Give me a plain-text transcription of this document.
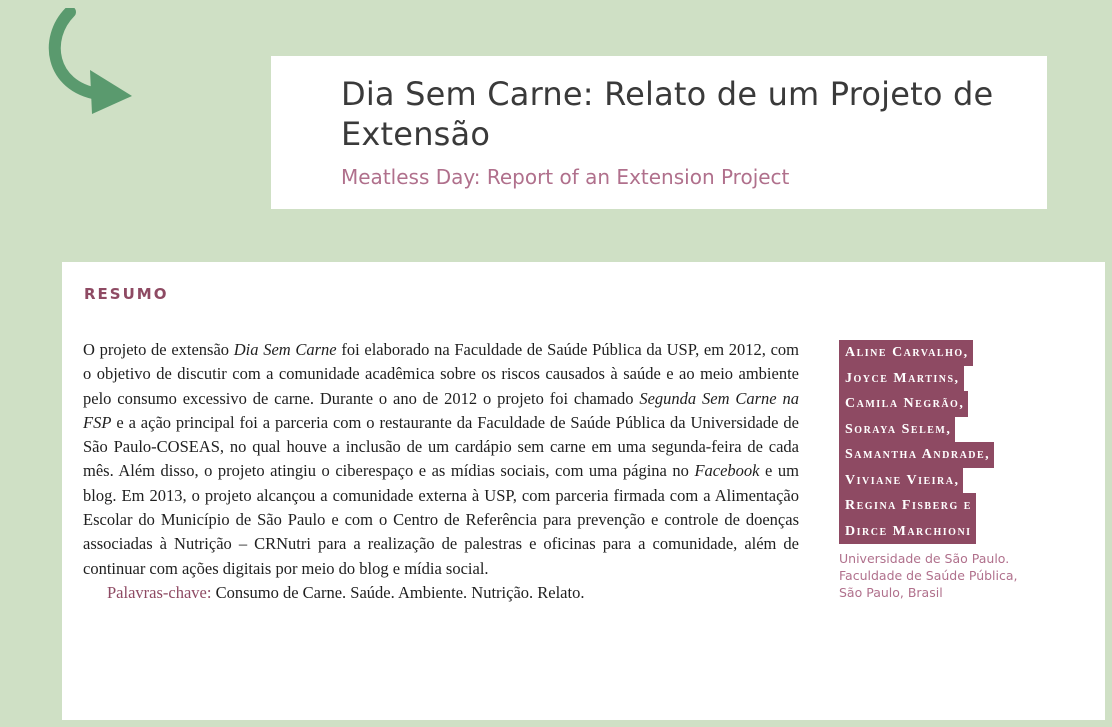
Dia Sem Carne: Relato de um Projeto de Extensão
Meatless Day: Report of an Extension Project
RESUMO

O projeto de extensão Dia Sem Carne foi elaborado na Faculdade de Saúde Pública da USP, em 2012, com o objetivo de discutir com a comunidade acadêmica sobre os riscos causados à saúde e ao meio ambiente pelo consumo excessivo de carne. Durante o ano de 2012 o projeto foi chamado Segunda Sem Carne na FSP e a ação principal foi a parceria com o restaurante da Faculdade de Saúde Pública da Universidade de São Paulo-COSEAS, no qual houve a inclusão de um cardápio sem carne em uma segunda-feira de cada mês. Além disso, o projeto atingiu o ciberespaço e as mídias sociais, com uma página no Facebook e um blog. Em 2013, o projeto alcançou a comunidade externa à USP, com parceria firmada com a Alimentação Escolar do Município de São Paulo e com o Centro de Referência para prevenção e controle de doenças associadas à Nutrição – CRNutri para a realização de palestras e oficinas para a comunidade, além de continuar com ações digitais por meio do blog e mídia social.

Palavras-chave: Consumo de Carne. Saúde. Ambiente. Nutrição. Relato.

Aline Carvalho,
Joyce Martins,
Camila Negrão,
Soraya Selem,
Samantha Andrade,
Viviane Vieira,
Regina Fisberg e
Dirce Marchioni
Universidade de São Paulo.
Faculdade de Saúde Pública,
São Paulo, Brasil
